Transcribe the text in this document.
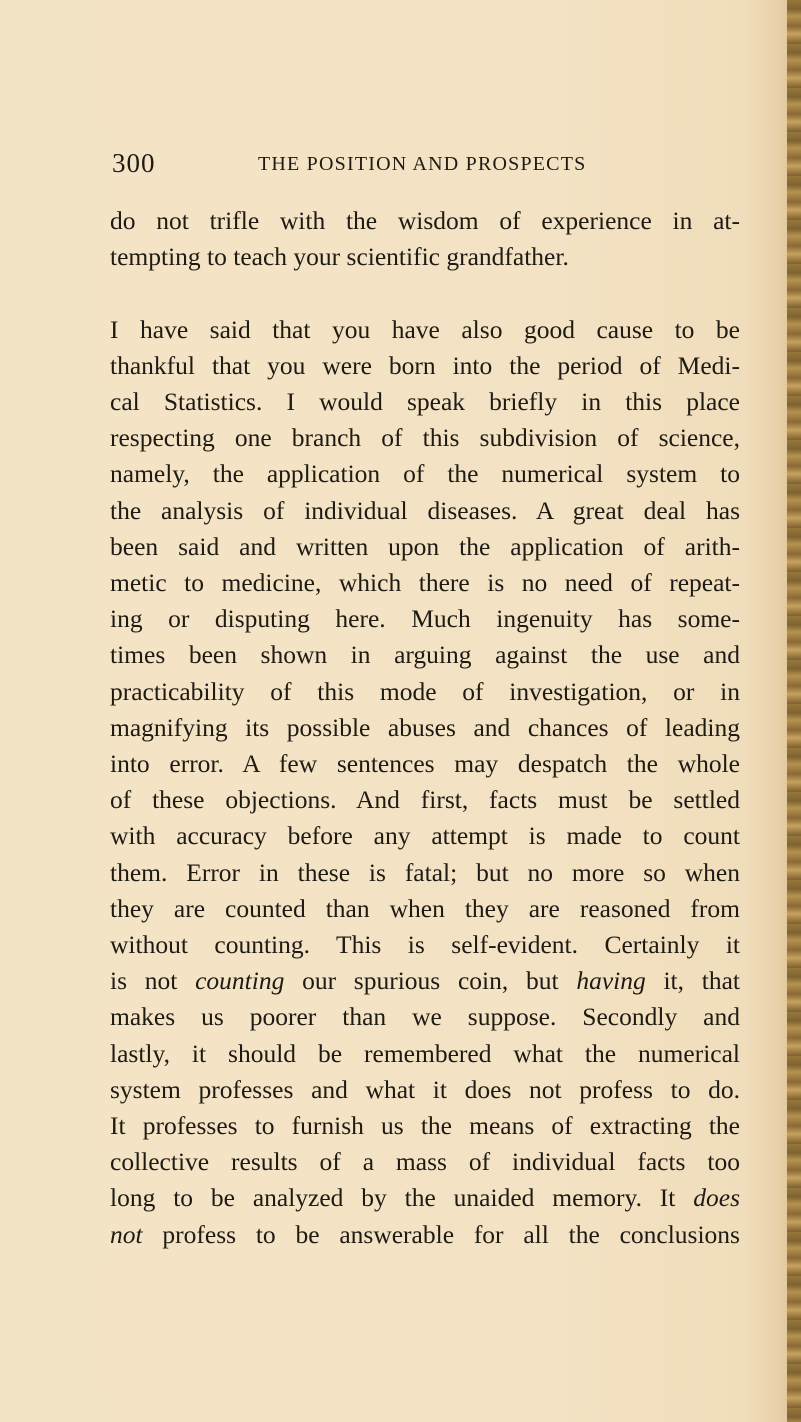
300	THE POSITION AND PROSPECTS
do not trifle with the wisdom of experience in at-
tempting to teach your scientific grandfather.
I have said that you have also good cause to be
thankful that you were born into the period of Medi-
cal Statistics. I would speak briefly in this place
respecting one branch of this subdivision of science,
namely, the application of the numerical system to
the analysis of individual diseases. A great deal has
been said and written upon the application of arith-
metic to medicine, which there is no need of repeat-
ing or disputing here. Much ingenuity has some-
times been shown in arguing against the use and
practicability of this mode of investigation, or in
magnifying its possible abuses and chances of leading
into error. A few sentences may despatch the whole
of these objections. And first, facts must be settled
with accuracy before any attempt is made to count
them. Error in these is fatal; but no more so when
they are counted than when they are reasoned from
without counting. This is self-evident. Certainly it
is not counting our spurious coin, but having it, that
makes us poorer than we suppose. Secondly and
lastly, it should be remembered what the numerical
system professes and what it does not profess to do.
It professes to furnish us the means of extracting the
collective results of a mass of individual facts too
long to be analyzed by the unaided memory. It does
not profess to be answerable for all the conclusions
